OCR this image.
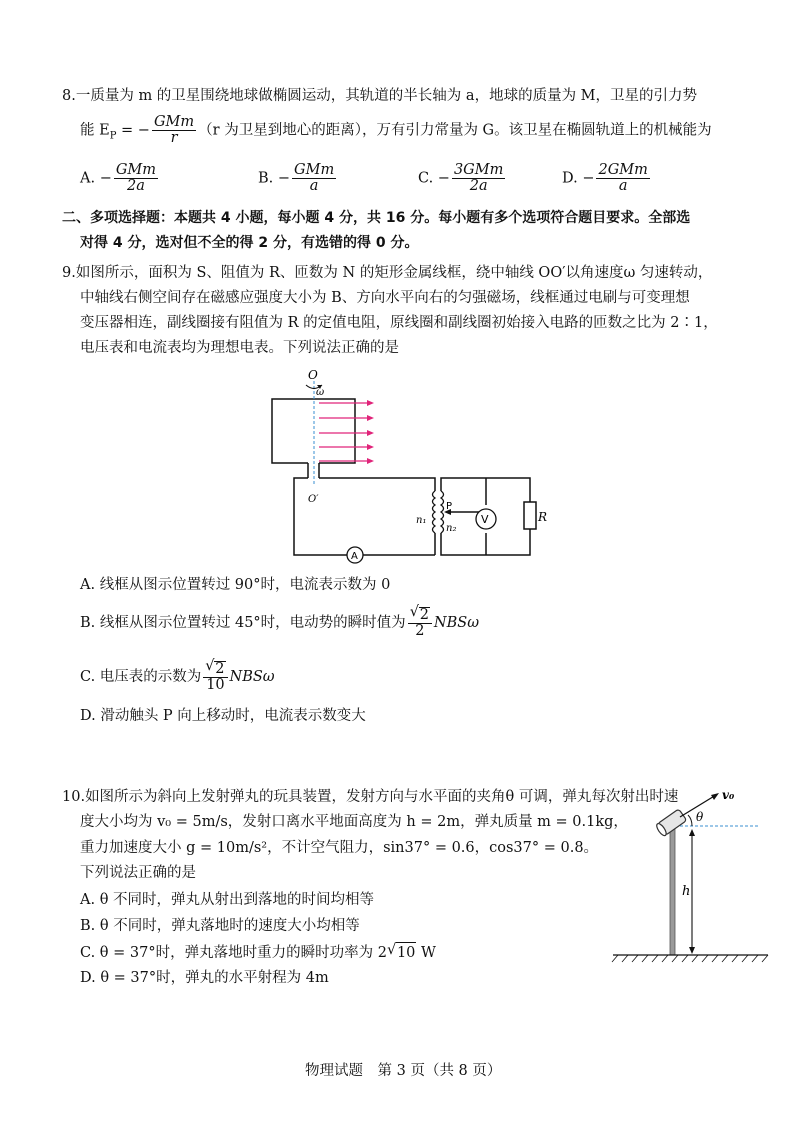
8.一质量为 m 的卫星围绕地球做椭圆运动，其轨道的半长轴为 a，地球的质量为 M，卫星的引力势
能 $E_P$ = − $\frac{\text{GMm}}{r} (r$ 为卫星到地心的距离），万有引力常量为 G。该卫星在椭圆轨道上的机械能为
A. − $\frac{\text{GMm}}{2a}$	B. − $\frac{\text{GMm}}{a}$	C. − $\frac{\text{3GMm}}{2a}$	D. − $\frac{\text{2GMm}}{a}$
二、多项选择题：本题共 4 小题，每小题 4 分，共 16 分。每小题有多个选项符合题目要求。全部选
对得 4 分，选对但不全的得 2 分，有选错的得 0 分。
9.如图所示，面积为 S、阻值为 R、匝数为 N 的矩形金属线框，绕中轴线 OO′以角速度ω 匀速转动，
中轴线右侧空间存在磁感应强度大小为 B、方向水平向右的匀强磁场，线框通过电刷与可变理想
变压器相连，副线圈接有阻值为 R 的定值电阻，原线圈和副线圈初始接入电路的匝数之比为 2∶1，
电压表和电流表均为理想电表。下列说法正确的是
O
ω
O′
n₁
n₂
P
V
A
R
A. 线框从图示位置转过 90°时，电流表示数为 0
B. 线框从图示位置转过 45°时，电动势的瞬时值为 $\frac{√ 2}{2}$ NBSω
C. 电压表的示数为 $\frac{√ 2}{10}$ NBSω
D. 滑动触头 P 向上移动时，电流表示数变大
10.如图所示为斜向上发射弹丸的玩具装置，发射方向与水平面的夹角θ 可调，弹丸每次射出时速
度大小均为 v₀ = 5m/s，发射口离水平地面高度为 h = 2m，弹丸质量 m = 0.1kg，
重力加速度大小 g = 10m/s²，不计空气阻力，sin37° = 0.6，cos37° = 0.8。
下列说法正确的是
A. θ 不同时，弹丸从射出到落地的时间均相等
B. θ 不同时，弹丸落地时的速度大小均相等
C. θ = 37°时，弹丸落地时重力的瞬时功率为 2 √ 10 W
D. θ = 37°时，弹丸的水平射程为 4m
v₀
θ
h
物理试题　第 3 页（共 8 页）
